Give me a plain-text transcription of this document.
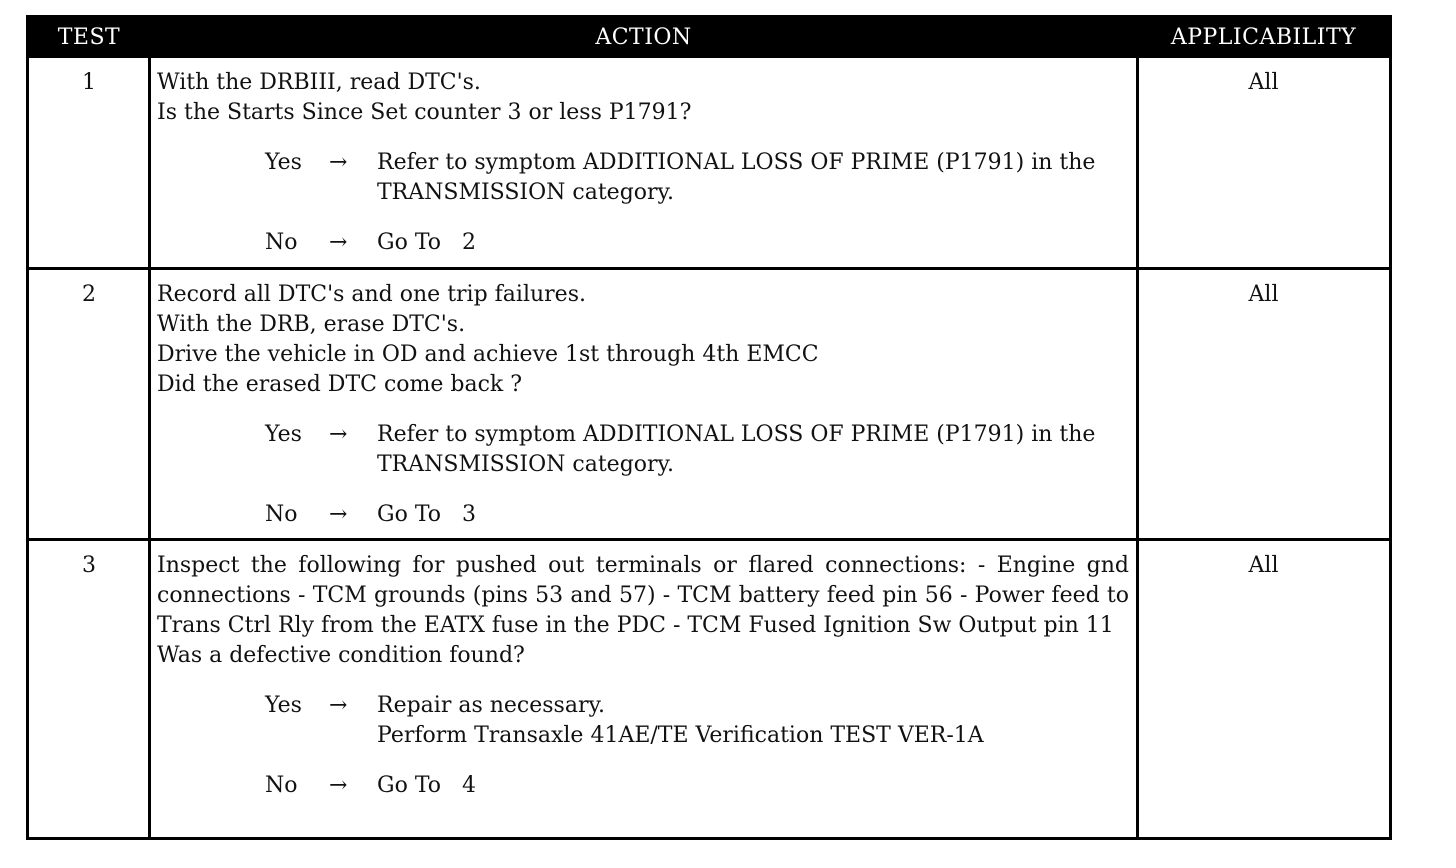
TEST	ACTION	APPLICABILITY
1	With the DRBIII, read DTC's.

Is the Starts Since Set counter 3 or less P1791?

Yes → Refer to symptom ADDITIONAL LOSS OF PRIME (P1791) in the
TRANSMISSION category.
No → Go To   2
All
2	Record all DTC's and one trip failures.

With the DRB, erase DTC's.

Drive the vehicle in OD and achieve 1st through 4th EMCC

Did the erased DTC come back ?

Yes → Refer to symptom ADDITIONAL LOSS OF PRIME (P1791) in the
TRANSMISSION category.
No → Go To   3
All
3	Inspect the following for pushed out terminals or flared connections: - Engine gnd connections - TCM grounds (pins 53 and 57) - TCM battery feed pin 56 - Power feed to Trans Ctrl Rly from the EATX fuse in the PDC - TCM Fused Ignition Sw Output pin 11

Was a defective condition found?

Yes → Repair as necessary.
Perform Transaxle 41AE/TE Verification TEST VER-1A
No → Go To   4
All
